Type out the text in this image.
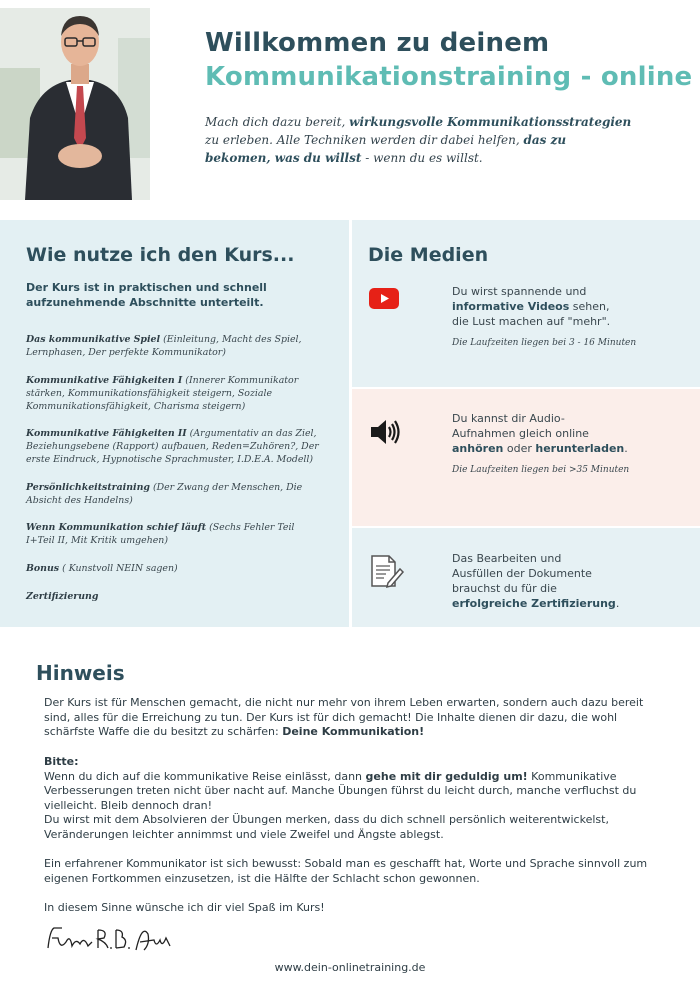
Willkommen zu deinem
Kommunikationstraining - online
Mach dich dazu bereit, wirkungsvolle Kommunikationsstrategien zu erleben. Alle Techniken werden dir dabei helfen, das zu bekomen, was du willst - wenn du es willst.
Wie nutze ich den Kurs...
Der Kurs ist in praktischen und schnell aufzunehmende Abschnitte unterteilt.
Das kommunikative Spiel (Einleitung, Macht des Spiel, Lernphasen, Der perfekte Kommunikator)
Kommunikative Fähigkeiten I (Innerer Kommunikator stärken, Kommunikationsfähigkeit steigern, Soziale Kommunikationsfähigkeit, Charisma steigern)
Kommunikative Fähigkeiten II (Argumentativ an das Ziel, Beziehungsebene (Rapport) aufbauen, Reden=Zuhören?, Der erste Eindruck, Hypnotische Sprachmuster, I.D.E.A. Modell)
Persönlichkeitstraining (Der Zwang der Menschen, Die Absicht des Handelns)
Wenn Kommunikation schief läuft (Sechs Fehler Teil I+Teil II, Mit Kritik umgehen)
Bonus ( Kunstvoll NEIN sagen)
Zertifizierung
Die Medien
Du wirst spannende und
informative Videos sehen,
die Lust machen auf "mehr".
Die Laufzeiten liegen bei 3 - 16 Minuten
Du kannst dir Audio-
Aufnahmen gleich online
anhören oder herunterladen.
Die Laufzeiten liegen bei >35 Minuten
Das Bearbeiten und
Ausfüllen der Dokumente
brauchst du für die
erfolgreiche Zertifizierung.
Hinweis
Der Kurs ist für Menschen gemacht, die nicht nur mehr von ihrem Leben erwarten, sondern auch dazu bereit sind, alles für die Erreichung zu tun. Der Kurs ist für dich gemacht! Die Inhalte dienen dir dazu, die wohl schärfste Waffe die du besitzt zu schärfen: Deine Kommunikation!
Bitte:
Wenn du dich auf die kommunikative Reise einlässt, dann gehe mit dir geduldig um! Kommunikative Verbesserungen treten nicht über nacht auf. Manche Übungen führst du leicht durch, manche verfluchst du vielleicht. Bleib dennoch dran!
Du wirst mit dem Absolvieren der Übungen merken, dass du dich schnell persönlich weiterentwickelst, Veränderungen leichter annimmst und viele Zweifel und Ängste ablegst.
Ein erfahrener Kommunikator ist sich bewusst: Sobald man es geschafft hat, Worte und Sprache sinnvoll zum eigenen Fortkommen einzusetzen, ist die Hälfte der Schlacht schon gewonnen.
In diesem Sinne wünsche ich dir viel Spaß im Kurs!
www.dein-onlinetraining.de
